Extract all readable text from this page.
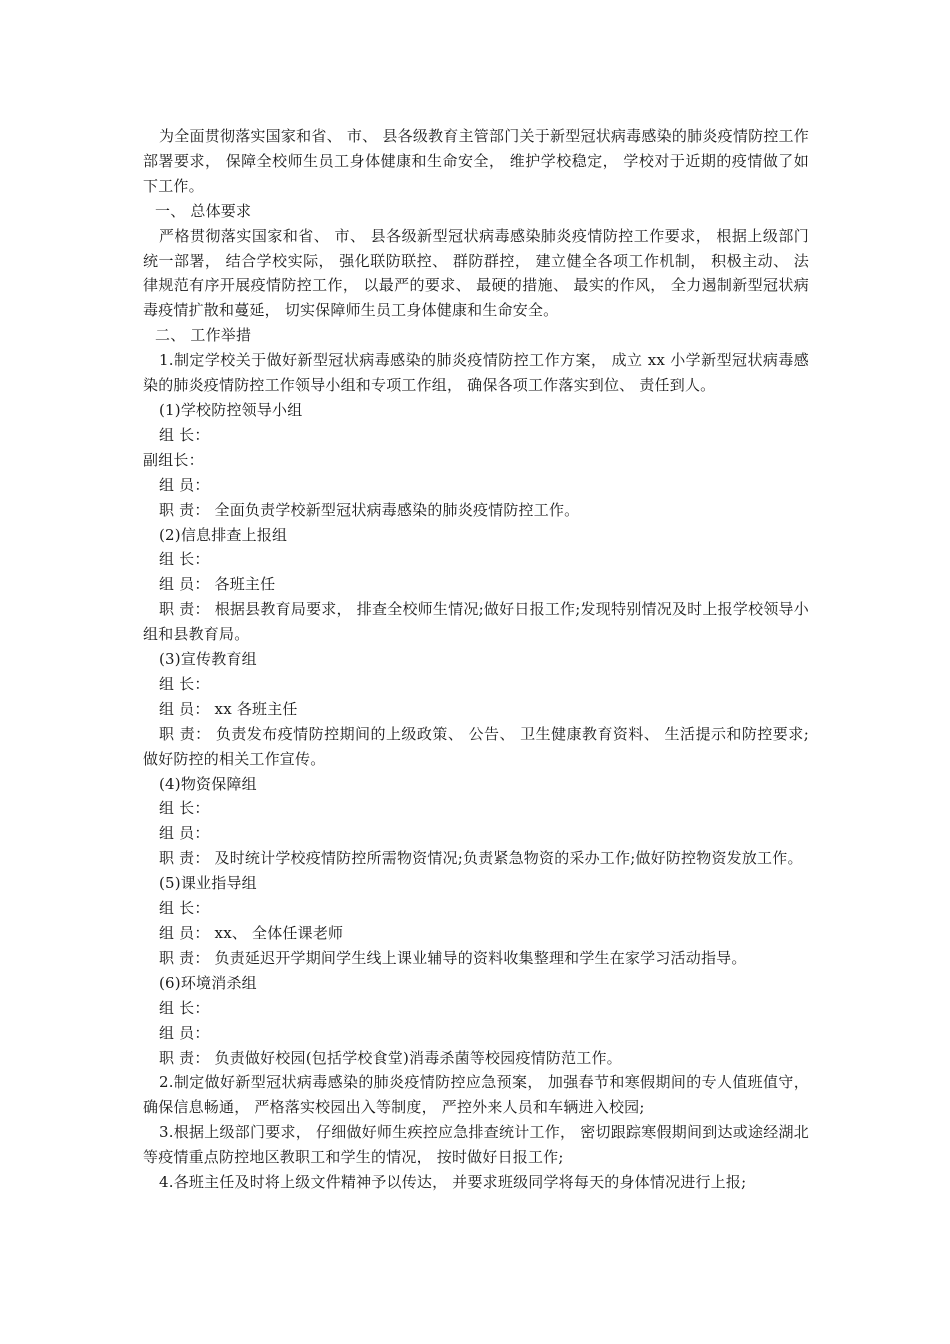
为全面贯彻落实国家和省、 市、 县各级教育主管部门关于新型冠状病毒感染的肺炎疫情防控工作部署要求， 保障全校师生员工身体健康和生命安全， 维护学校稳定， 学校对于近期的疫情做了如下工作。

一、 总体要求

严格贯彻落实国家和省、 市、 县各级新型冠状病毒感染肺炎疫情防控工作要求， 根据上级部门统一部署， 结合学校实际， 强化联防联控、 群防群控， 建立健全各项工作机制， 积极主动、 法律规范有序开展疫情防控工作， 以最严的要求、 最硬的措施、 最实的作风， 全力遏制新型冠状病毒疫情扩散和蔓延， 切实保障师生员工身体健康和生命安全。

二、 工作举措

1.制定学校关于做好新型冠状病毒感染的肺炎疫情防控工作方案， 成立 xx 小学新型冠状病毒感染的肺炎疫情防控工作领导小组和专项工作组， 确保各项工作落实到位、 责任到人。

(1)学校防控领导小组

组 长：

副组长：

组 员：

职 责： 全面负责学校新型冠状病毒感染的肺炎疫情防控工作。

(2)信息排查上报组

组 长：

组 员： 各班主任

职 责： 根据县教育局要求， 排查全校师生情况;做好日报工作;发现特别情况及时上报学校领导小组和县教育局。

(3)宣传教育组

组 长：

组 员： xx 各班主任

职 责： 负责发布疫情防控期间的上级政策、 公告、 卫生健康教育资料、 生活提示和防控要求;做好防控的相关工作宣传。

(4)物资保障组

组 长：

组 员：

职 责： 及时统计学校疫情防控所需物资情况;负责紧急物资的采办工作;做好防控物资发放工作。

(5)课业指导组

组 长：

组 员： xx、 全体任课老师

职 责： 负责延迟开学期间学生线上课业辅导的资料收集整理和学生在家学习活动指导。

(6)环境消杀组

组 长：

组 员：

职 责： 负责做好校园(包括学校食堂)消毒杀菌等校园疫情防范工作。

2.制定做好新型冠状病毒感染的肺炎疫情防控应急预案， 加强春节和寒假期间的专人值班值守， 确保信息畅通， 严格落实校园出入等制度， 严控外来人员和车辆进入校园;

3.根据上级部门要求， 仔细做好师生疾控应急排查统计工作， 密切跟踪寒假期间到达或途经湖北等疫情重点防控地区教职工和学生的情况， 按时做好日报工作;

4.各班主任及时将上级文件精神予以传达， 并要求班级同学将每天的身体情况进行上报;
